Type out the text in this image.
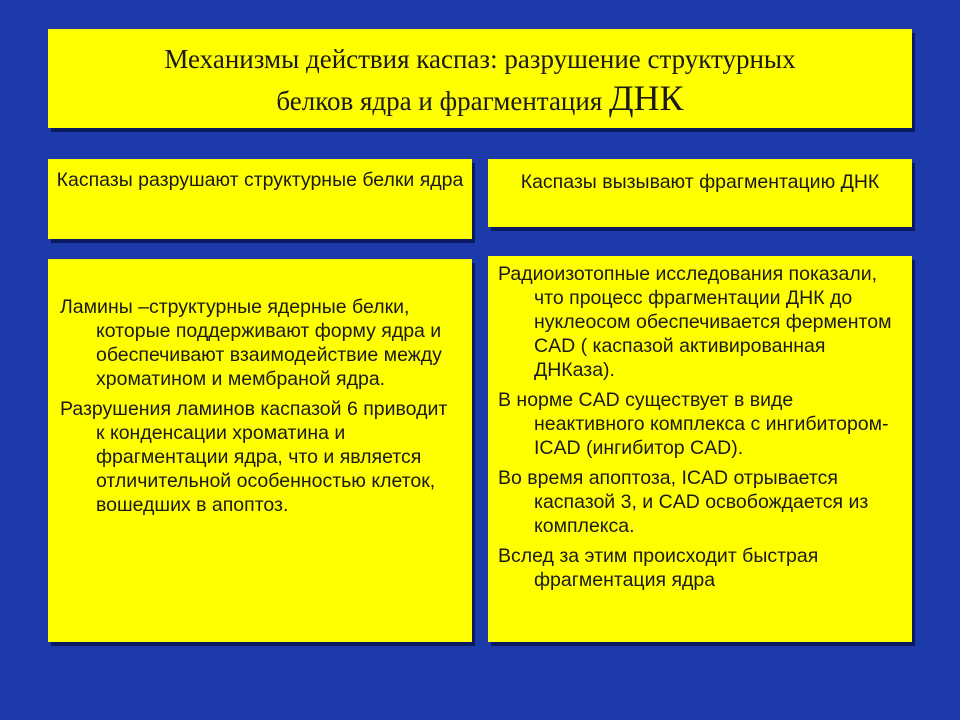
Механизмы действия каспаз: разрушение структурных
белков ядра и фрагментация ДНК
Каспазы разрушают структурные белки ядра	Каспазы вызывают фрагментацию ДНК

Ламины –структурные ядерные белки, которые поддерживают форму ядра и обеспечивают взаимодействие между хроматином и мембраной ядра.

Разрушения ламинов каспазой 6 приводит к конденсации хроматина и фрагментации ядра, что и является отличительной особенностью клеток, вошедших в апоптоз.

Радиоизотопные исследования показали, что процесс фрагментации ДНК до нуклеосом обеспечивается ферментом CAD ( каспазой активированная ДНКаза).

В норме CAD существует в виде неактивного комплекса с ингибитором- ICAD (ингибитор CAD).

Во время апоптоза, ICAD отрывается каспазой 3, и CAD освобождается из комплекса.

Вслед за этим происходит быстрая фрагментация ядра
